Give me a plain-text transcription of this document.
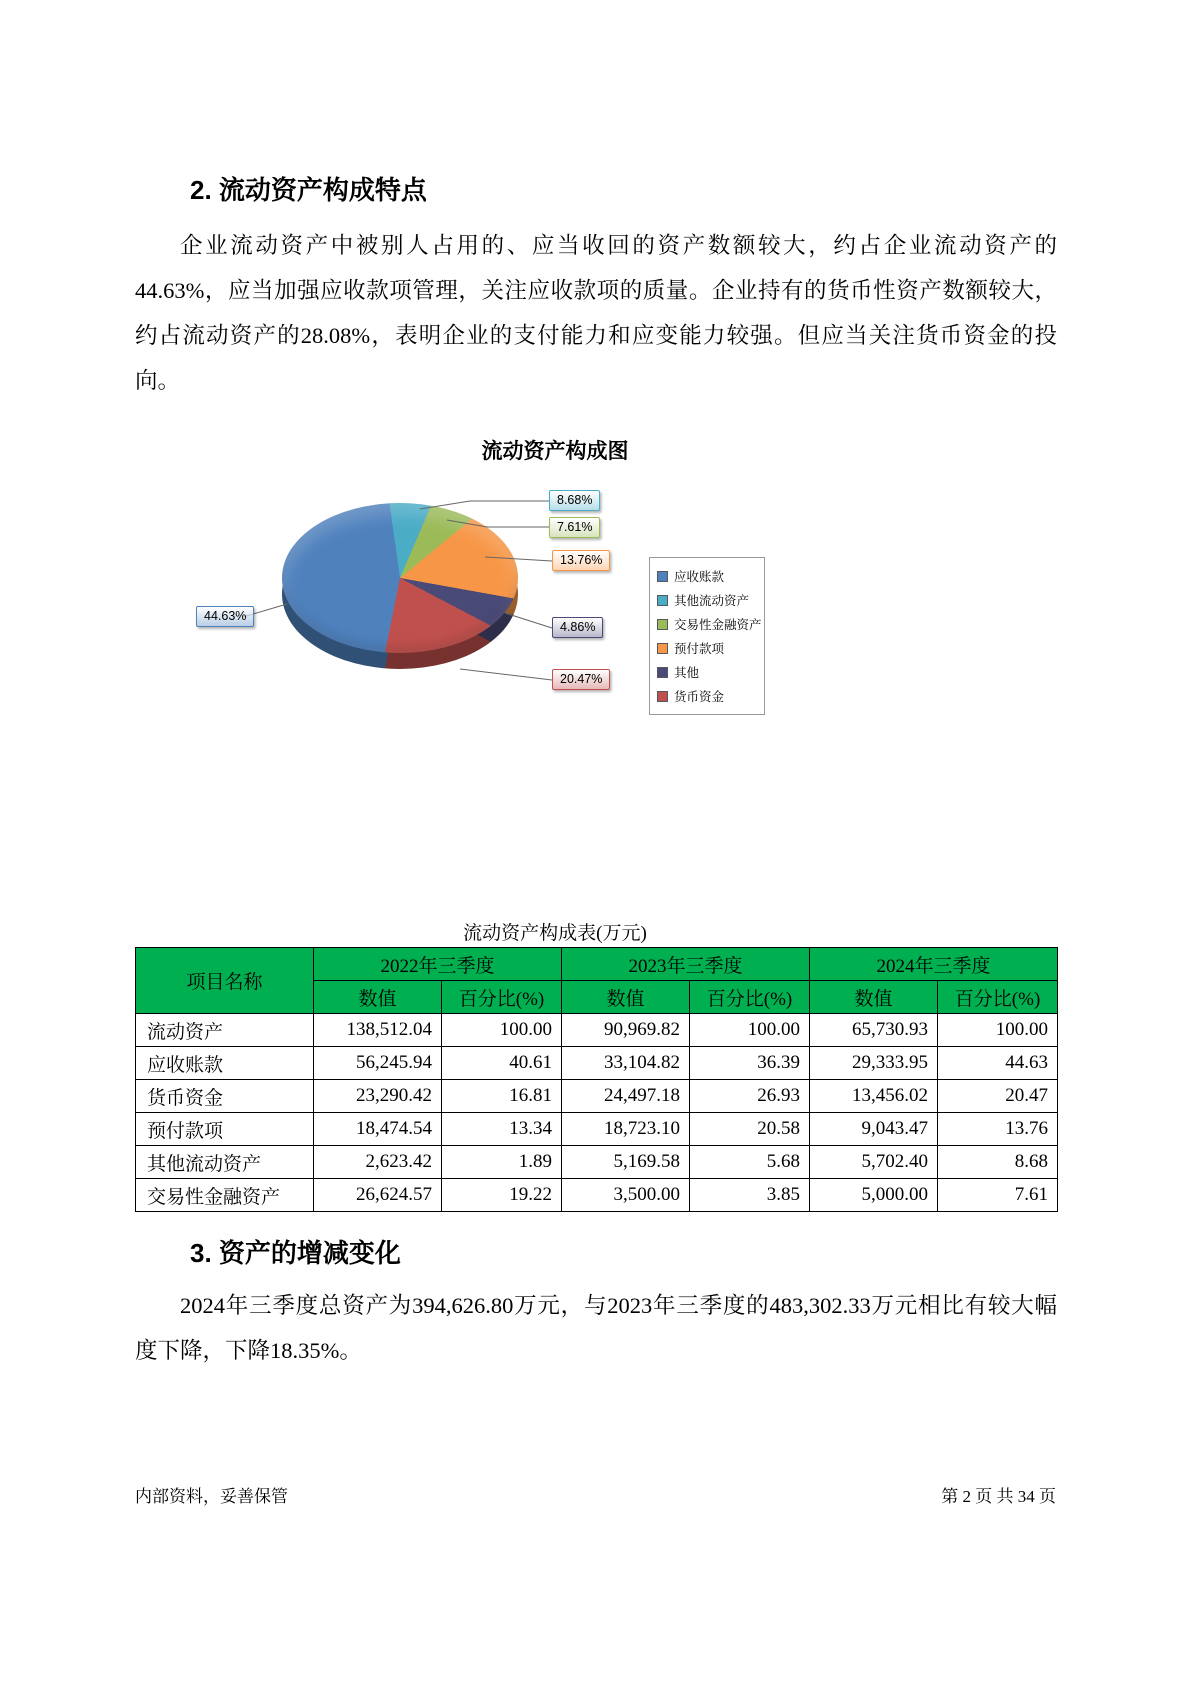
2. 流动资产构成特点

企业流动资产中被别人占用的、应当收回的资产数额较大，约占企业流动资产的44.63%，应当加强应收款项管理，关注应收款项的质量。企业持有的货币性资产数额较大，约占流动资产的28.08%，表明企业的支付能力和应变能力较强。但应当关注货币资金的投向。

流动资产构成图
8.68%
7.61%
13.76%
4.86%
20.47%
44.63%
应收账款
其他流动资产
交易性金融资产
预付款项
其他
货币资金
流动资产构成表(万元)
项目名称	2022年三季度		2023年三季度		2024年三季度	
	数值	百分比(%)	数值	百分比(%)	数值	百分比(%)
流动资产	138,512.04	100.00	90,969.82	100.00	65,730.93	100.00
应收账款	56,245.94	40.61	33,104.82	36.39	29,333.95	44.63
货币资金	23,290.42	16.81	24,497.18	26.93	13,456.02	20.47
预付款项	18,474.54	13.34	18,723.10	20.58	9,043.47	13.76
其他流动资产	2,623.42	1.89	5,169.58	5.68	5,702.40	8.68
交易性金融资产	26,624.57	19.22	3,500.00	3.85	5,000.00	7.61
3. 资产的增减变化

2024年三季度总资产为394,626.80万元，与2023年三季度的483,302.33万元相比有较大幅度下降，下降18.35%。

内部资料，妥善保管	第 2 页 共 34 页
